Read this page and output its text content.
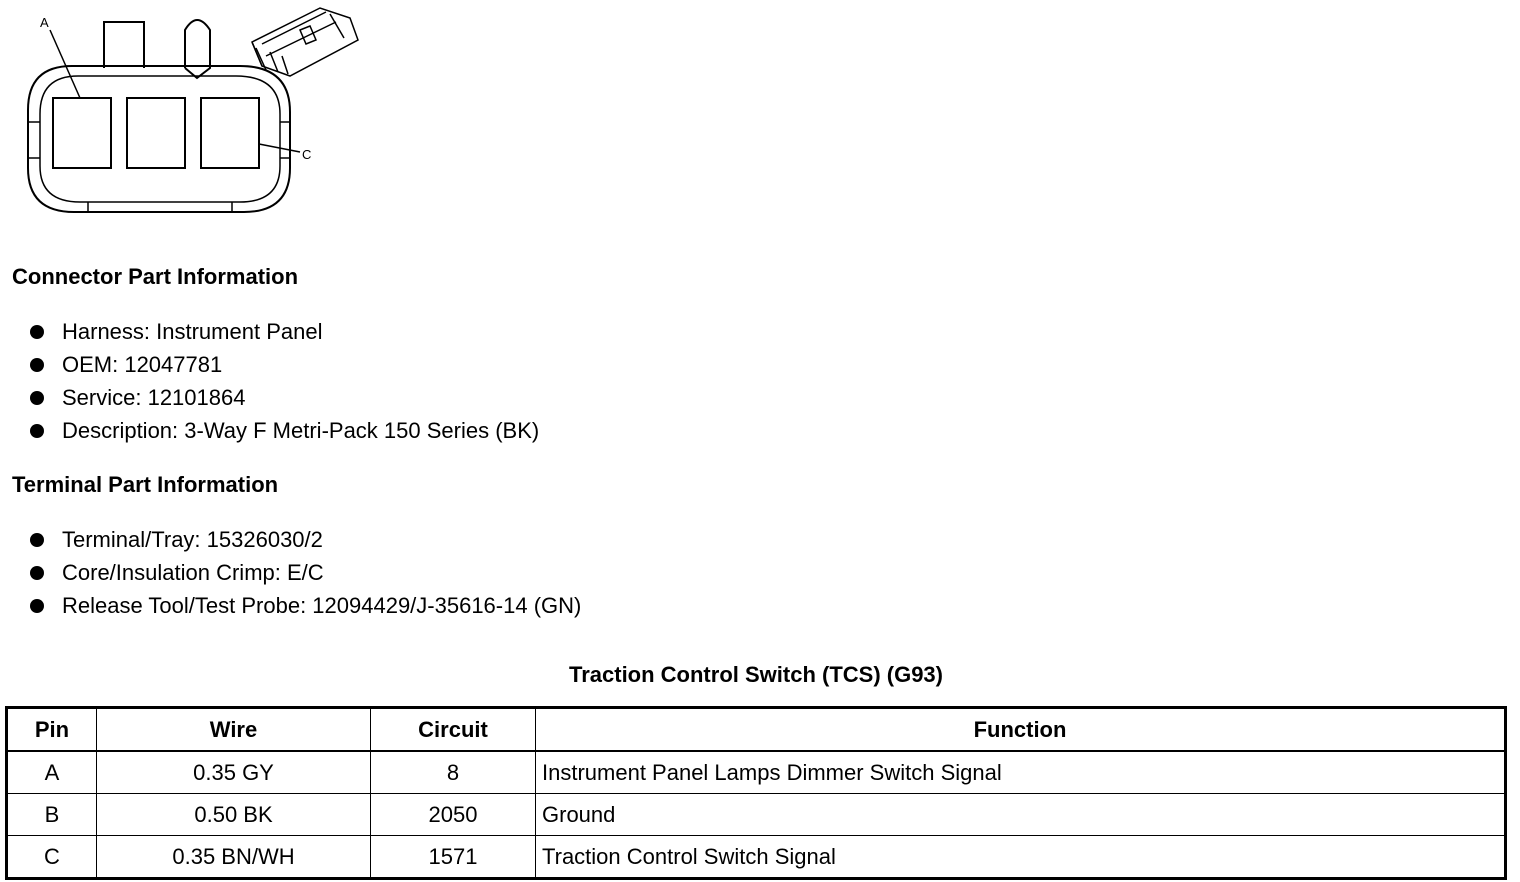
A
C
Connector Part Information
Harness: Instrument Panel
OEM: 12047781
Service: 12101864
Description: 3-Way F Metri-Pack 150 Series (BK)
Terminal Part Information
Terminal/Tray: 15326030/2
Core/Insulation Crimp: E/C
Release Tool/Test Probe: 12094429/J-35616-14 (GN)
Traction Control Switch (TCS) (G93)
Pin	Wire	Circuit	Function
A	0.35 GY	8	Instrument Panel Lamps Dimmer Switch Signal
B	0.50 BK	2050	Ground
C	0.35 BN/WH	1571	Traction Control Switch Signal
